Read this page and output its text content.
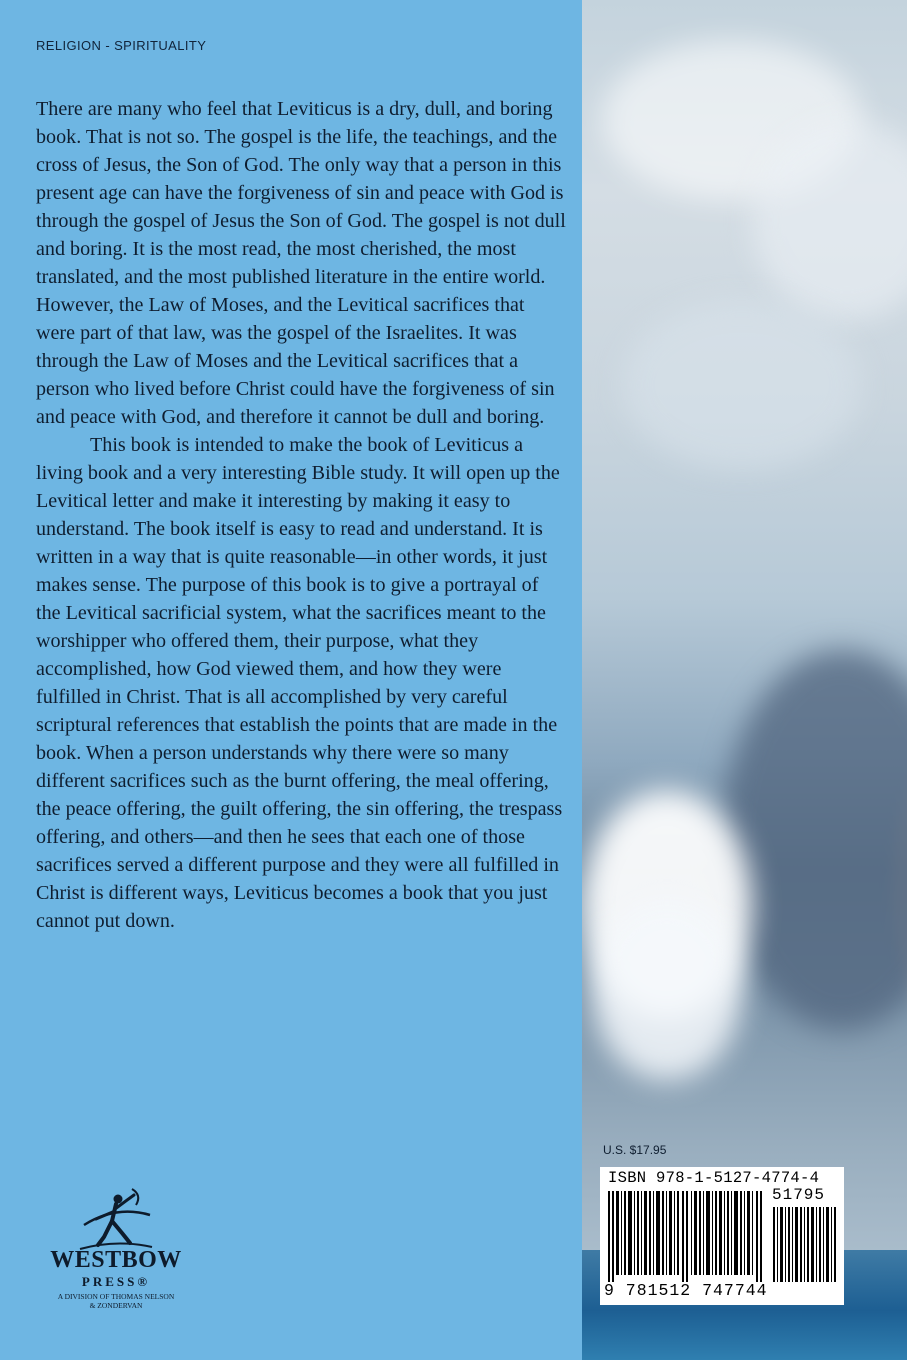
RELIGION - SPIRITUALITY

There are many who feel that Leviticus is a dry, dull, and boring book. That is not so. The gospel is the life, the teachings, and the cross of Jesus, the Son of God. The only way that a person in this present age can have the forgiveness of sin and peace with God is through the gospel of Jesus the Son of God. The gospel is not dull and boring. It is the most read, the most cherished, the most translated, and the most published literature in the entire world. However, the Law of Moses, and the Levitical sacrifices that were part of that law, was the gospel of the Israelites. It was through the Law of Moses and the Levitical sacrifices that a person who lived before Christ could have the forgiveness of sin and peace with God, and therefore it cannot be dull and boring.

This book is intended to make the book of Leviticus a living book and a very interesting Bible study. It will open up the Levitical letter and make it interesting by making it easy to understand. The book itself is easy to read and understand. It is written in a way that is quite reasonable—in other words, it just makes sense. The purpose of this book is to give a portrayal of the Levitical sacrificial system, what the sacrifices meant to the worshipper who offered them, their purpose, what they accomplished, how God viewed them, and how they were fulfilled in Christ. That is all accomplished by very careful scriptural references that establish the points that are made in the book. When a person understands why there were so many different sacrifices such as the burnt offering, the meal offering, the peace offering, the guilt offering, the sin offering, the trespass offering, and others—and then he sees that each one of those sacrifices served a different purpose and they were all fulfilled in Christ is different ways, Leviticus becomes a book that you just cannot put down.

U.S. $17.95
ISBN 978-1-5127-4774-4
51795
9 781512 747744
WESTBOW
PRESS®
A DIVISION OF THOMAS NELSON
& ZONDERVAN
